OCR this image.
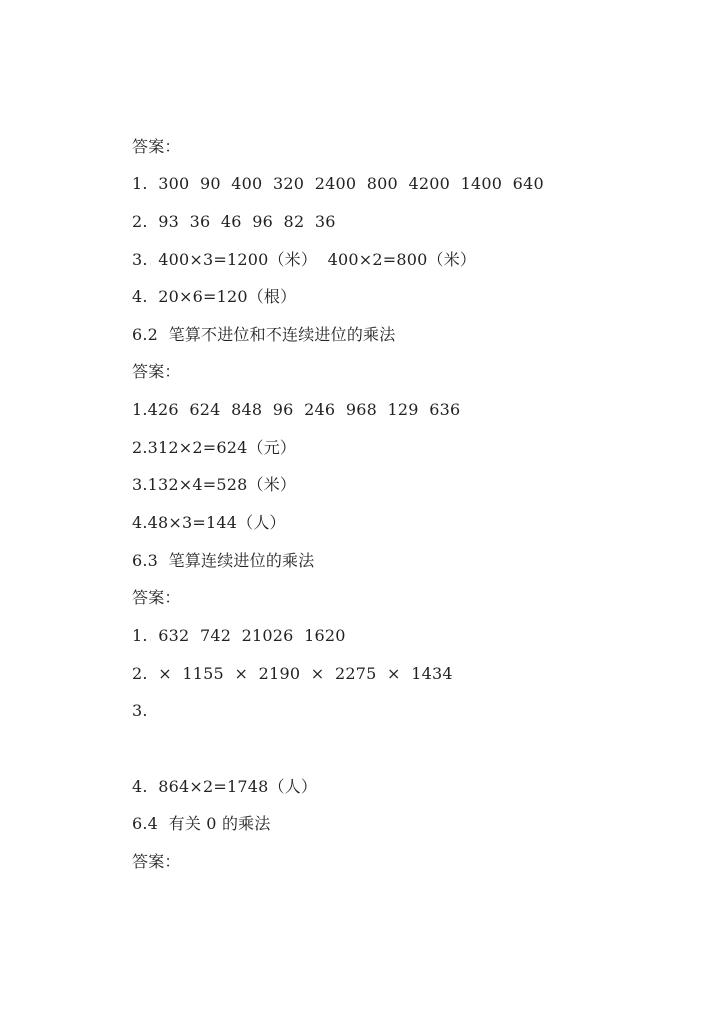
答案：
1.  300  90  400  320  2400  800  4200  1400  640
2.  93  36  46  96  82  36
3.  400×3=1200（米）  400×2=800（米）
4.  20×6=120（根）
6.2  笔算不进位和不连续进位的乘法
答案：
1.426  624  848  96  246  968  129  636
2.312×2=624（元）
3.132×4=528（米）
4.48×3=144（人）
6.3  笔算连续进位的乘法
答案：
1.  632  742  21026  1620
2.  ×  1155  ×  2190  ×  2275  ×  1434
3.
4.  864×2=1748（人）
6.4  有关 0 的乘法
答案：
